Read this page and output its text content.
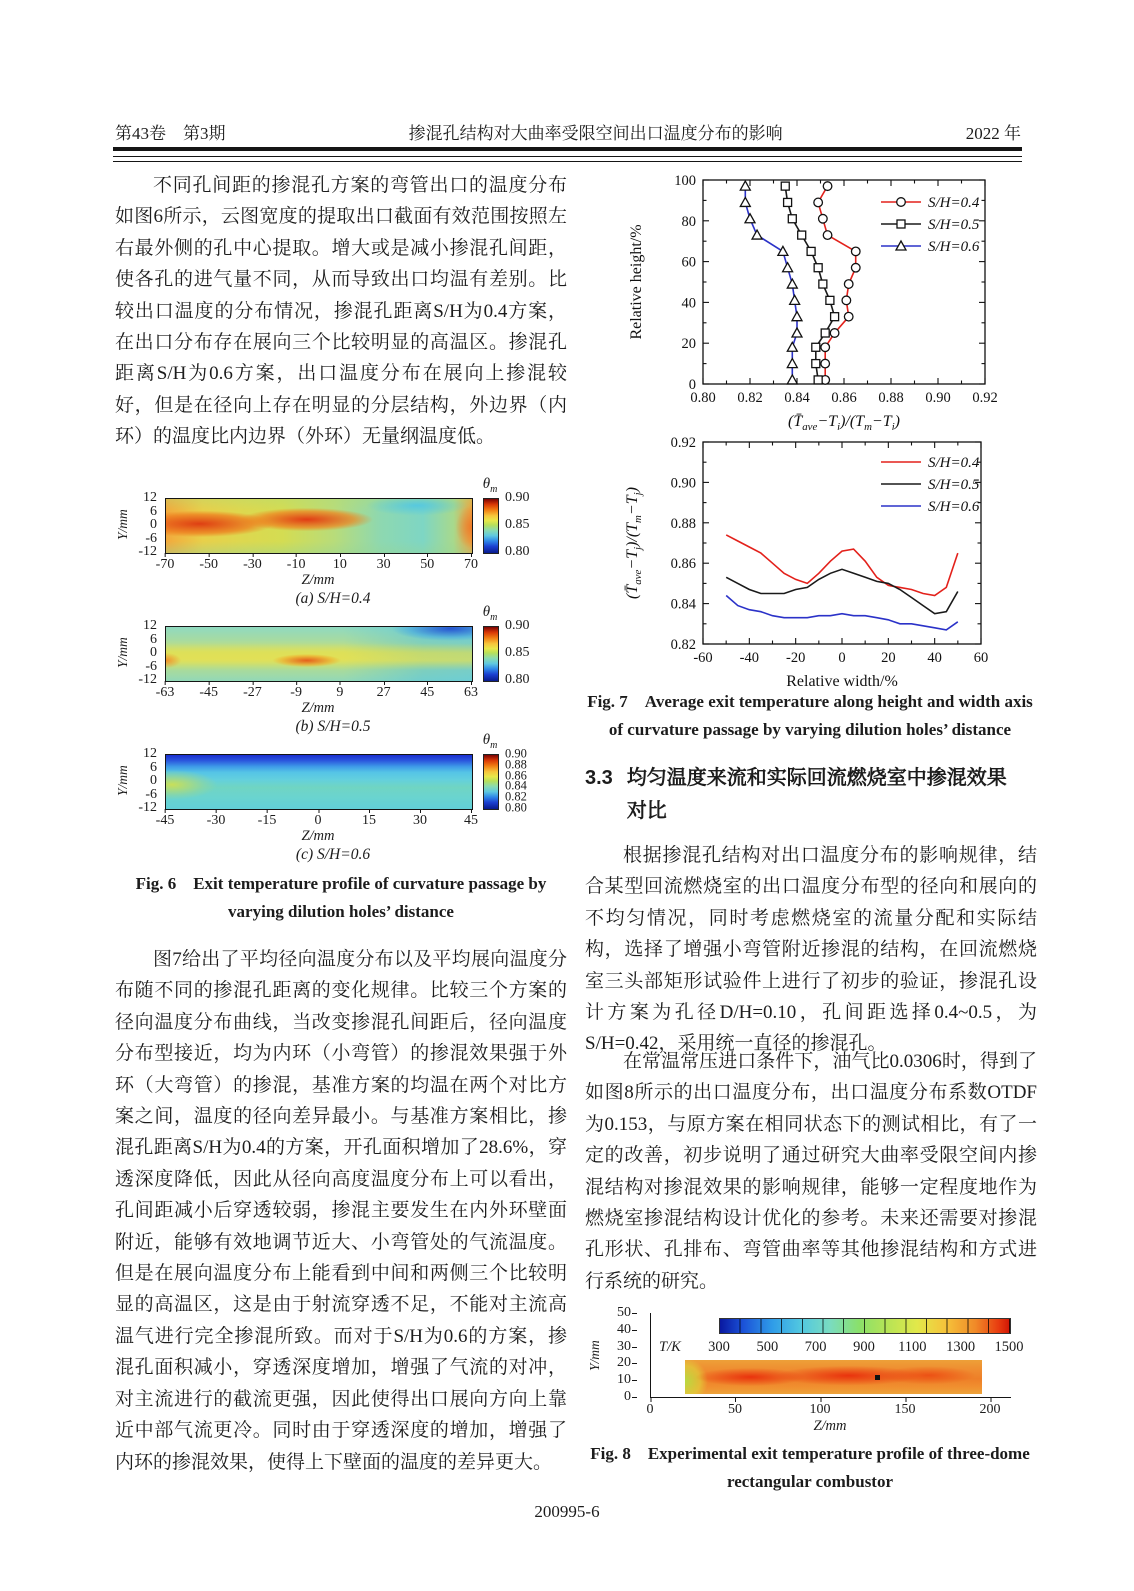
第43卷　第3期	掺混孔结构对大曲率受限空间出口温度分布的影响	2022 年
不同孔间距的掺混孔方案的弯管出口的温度分布如图6所示，云图宽度的提取出口截面有效范围按照左右最外侧的孔中心提取。增大或是减小掺混孔间距，使各孔的进气量不同，从而导致出口均温有差别。比较出口温度的分布情况，掺混孔距离S/H为0.4方案，在出口分布存在展向三个比较明显的高温区。掺混孔距离S/H为0.6方案，出口温度分布在展向上掺混较好，但是在径向上存在明显的分层结构，外边界（内环）的温度比内边界（外环）无量纲温度低。
$\theta_m$
Y/mm
12
6
0
-6
-12
0.90
0.85
0.80
-70 -50 -30 -10 10 30 50 70
Z/mm
(a) S/H=0.4
$\theta_m$
Y/mm
12
6
0
-6
-12
0.90
0.85
0.80
-63 -45 -27 -9 9 27 45 63
Z/mm
(b) S/H=0.5
$\theta_m$
Y/mm
12
6
0
-6
-12
0.90
0.88
0.86
0.84
0.82
0.80
-45 -30 -15	0	15	30	45
Z/mm
(c) S/H=0.6
Fig. 6　Exit temperature profile of curvature passage by varying dilution holes’ distance
图7给出了平均径向温度分布以及平均展向温度分布随不同的掺混孔距离的变化规律。比较三个方案的径向温度分布曲线，当改变掺混孔间距后，径向温度分布型接近，均为内环（小弯管）的掺混效果强于外环（大弯管）的掺混，基准方案的均温在两个对比方案之间，温度的径向差异最小。与基准方案相比，掺混孔距离S/H为0.4的方案，开孔面积增加了28.6%，穿透深度降低，因此从径向高度温度分布上可以看出，孔间距减小后穿透较弱，掺混主要发生在内外环壁面附近，能够有效地调节近大、小弯管处的气流温度。但是在展向温度分布上能看到中间和两侧三个比较明显的高温区，这是由于射流穿透不足，不能对主流高温气进行完全掺混所致。而对于S/H为0.6的方案，掺混孔面积减小，穿透深度增加，增强了气流的对冲，对主流进行的截流更强，因此使得出口展向方向上靠近中部气流更冷。同时由于穿透深度的增加，增强了内环的掺混效果，使得上下壁面的温度的差异更大。
0.80 0.82 0.84 0.86 0.88 0.90 0.92
0
20
40
60
80
100
$(T̄_{ave}-T_j)/(T_m-T_j)$
Relative height/%
S/H=0.4
S/H=0.5
S/H=0.6
-60 -40 -20 0 20 40 60
0.82
0.84
0.86
0.88
0.90
0.92
Relative width/%
$(T̄_{ave}-T_j)/(T_m-T_j)$
S/H=0.4
S/H=0.5
S/H=0.6
Fig. 7　Average exit temperature along height and width axis of curvature passage by varying dilution holes’ distance
3.3 均匀温度来流和实际回流燃烧室中掺混效果
对比
根据掺混孔结构对出口温度分布的影响规律，结合某型回流燃烧室的出口温度分布型的径向和展向的不均匀情况，同时考虑燃烧室的流量分配和实际结构，选择了增强小弯管附近掺混的结构，在回流燃烧室三头部矩形试验件上进行了初步的验证，掺混孔设计方案为孔径D/H=0.10，孔间距选择0.4~0.5，为S/H=0.42，采用统一直径的掺混孔。
在常温常压进口条件下，油气比0.0306时，得到了如图8所示的出口温度分布，出口温度分布系数OTDF为0.153，与原方案在相同状态下的测试相比，有了一定的改善，初步说明了通过研究大曲率受限空间内掺混结构对掺混效果的影响规律，能够一定程度地作为燃烧室掺混结构设计优化的参考。未来还需要对掺混孔形状、孔排布、弯管曲率等其他掺混结构和方式进行系统的研究。
Y/mm
50
40
30
20
10
0
T/K 300 500 700 900 1100 1300 1500
0	50	100	150	200
Z/mm
Fig. 8　Experimental exit temperature profile of three-dome rectangular combustor
200995-6
